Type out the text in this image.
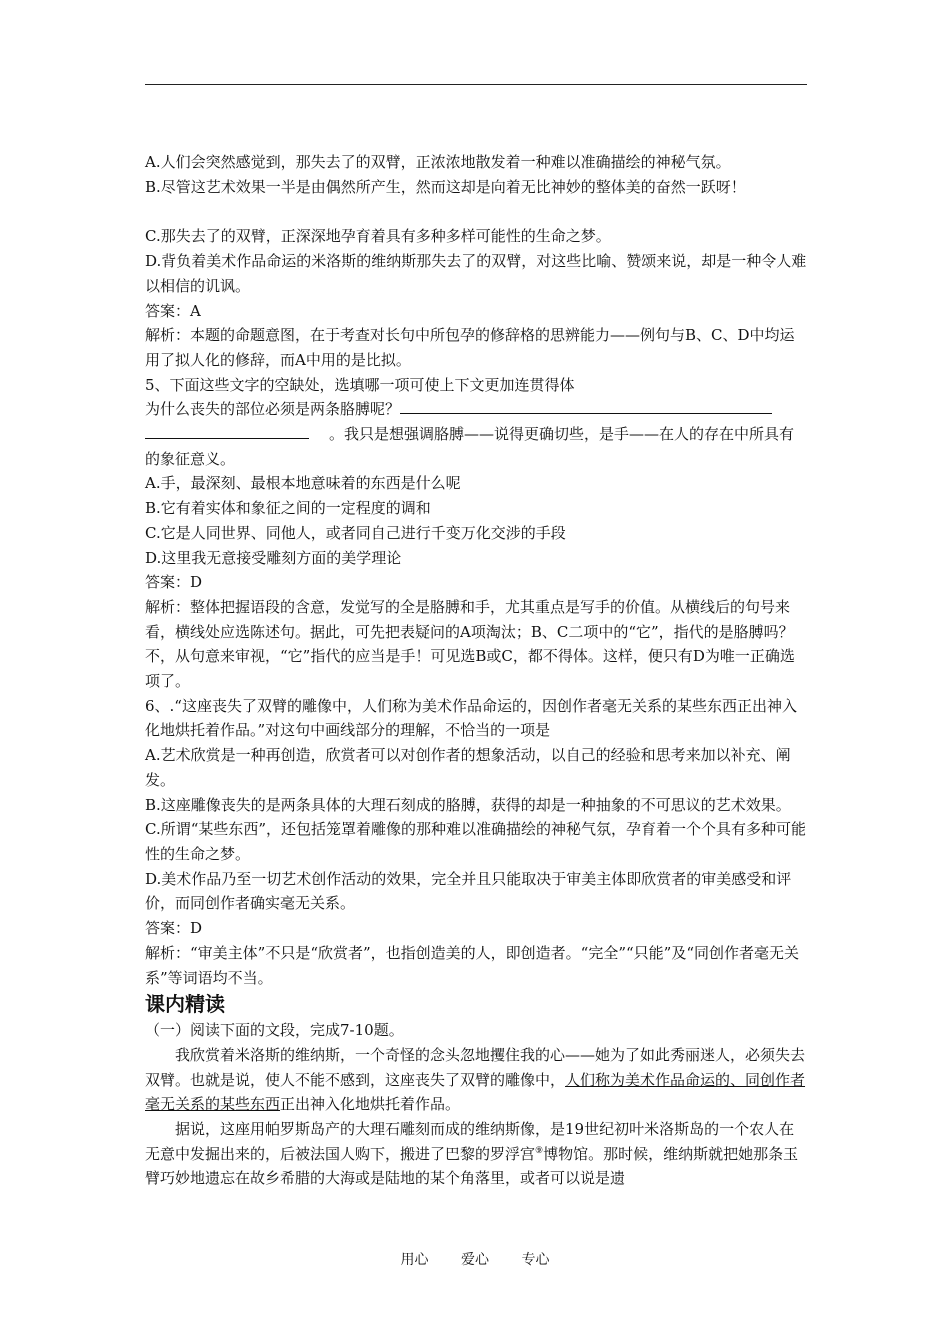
A.人们会突然感觉到，那失去了的双臂，正浓浓地散发着一种难以准确描绘的神秘气氛。

B.尽管这艺术效果一半是由偶然所产生，然而这却是向着无比神妙的整体美的奋然一跃呀！

C.那失去了的双臂，正深深地孕育着具有多种多样可能性的生命之梦。

D.背负着美术作品命运的米洛斯的维纳斯那失去了的双臂，对这些比喻、赞颂来说，却是一种令人难以相信的讥讽。

答案：A

解析：本题的命题意图，在于考查对长句中所包孕的修辞格的思辨能力——例句与B、C、D中均运用了拟人化的修辞，而A中用的是比拟。

5、下面这些文字的空缺处，选填哪一项可使上下文更加连贯得体

为什么丧失的部位必须是两条胳膊呢？

。我只是想强调胳膊——说得更确切些，是手——在人的存在中所具有的象征意义。

A.手，最深刻、最根本地意味着的东西是什么呢

B.它有着实体和象征之间的一定程度的调和

C.它是人同世界、同他人，或者同自己进行千变万化交涉的手段

D.这里我无意接受雕刻方面的美学理论

答案：D

解析：整体把握语段的含意，发觉写的全是胳膊和手，尤其重点是写手的价值。从横线后的句号来看，横线处应选陈述句。据此，可先把表疑问的A项淘汰；B、C二项中的“它”，指代的是胳膊吗？不，从句意来审视，“它”指代的应当是手！可见选B或C，都不得体。这样，便只有D为唯一正确选项了。

6、.“这座丧失了双臂的雕像中，人们称为美术作品命运的，因创作者毫无关系的某些东西正出神入化地烘托着作品。”对这句中画线部分的理解，不恰当的一项是

A.艺术欣赏是一种再创造，欣赏者可以对创作者的想象活动，以自己的经验和思考来加以补充、阐发。

B.这座雕像丧失的是两条具体的大理石刻成的胳膊，获得的却是一种抽象的不可思议的艺术效果。

C.所谓“某些东西”，还包括笼罩着雕像的那种难以准确描绘的神秘气氛，孕育着一个个具有多种可能性的生命之梦。

D.美术作品乃至一切艺术创作活动的效果，完全并且只能取决于审美主体即欣赏者的审美感受和评价，而同创作者确实毫无关系。

答案：D

解析：“审美主体”不只是“欣赏者”，也指创造美的人，即创造者。“完全”“只能”及“同创作者毫无关系”等词语均不当。

课内精读

（一）阅读下面的文段，完成7-10题。

我欣赏着米洛斯的维纳斯，一个奇怪的念头忽地攫住我的心——她为了如此秀丽迷人，必须失去双臂。也就是说，使人不能不感到，这座丧失了双臂的雕像中，人们称为美术作品命运的、同创作者毫无关系的某些东西正出神入化地烘托着作品。

据说，这座用帕罗斯岛产的大理石雕刻而成的维纳斯像，是19世纪初叶米洛斯岛的一个农人在无意中发掘出来的，后被法国人购下，搬进了巴黎的罗浮宫⑨博物馆。那时候，维纳斯就把她那条玉臂巧妙地遗忘在故乡希腊的大海或是陆地的某个角落里，或者可以说是遗

用心 爱心 专心
